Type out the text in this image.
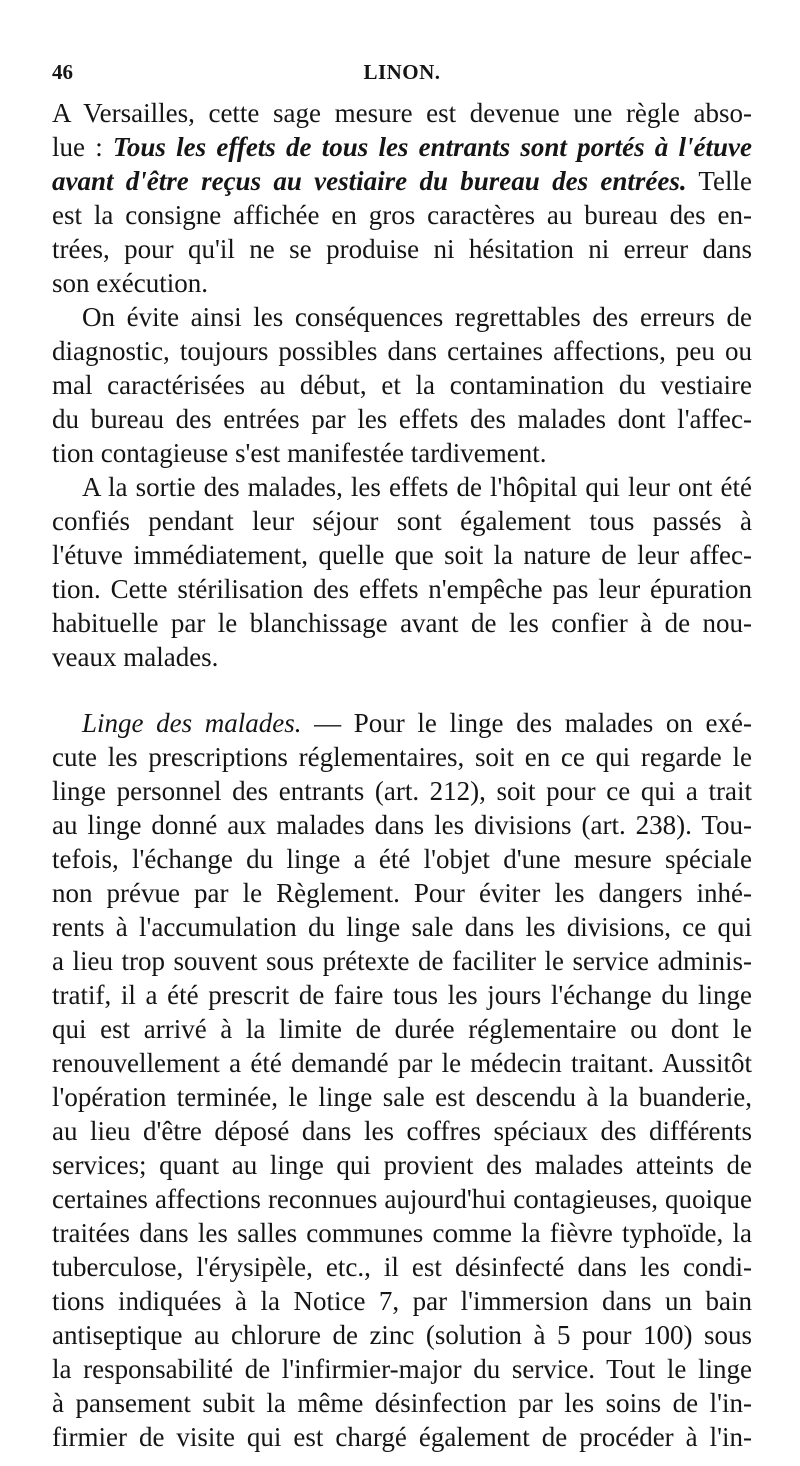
46	LINON.
A Versailles, cette sage mesure est devenue une règle abso-
lue : Tous les effets de tous les entrants sont portés à l'étuve
avant d'être reçus au vestiaire du bureau des entrées. Telle
est la consigne affichée en gros caractères au bureau des en-
trées, pour qu'il ne se produise ni hésitation ni erreur dans
son exécution.
On évite ainsi les conséquences regrettables des erreurs de
diagnostic, toujours possibles dans certaines affections, peu ou
mal caractérisées au début, et la contamination du vestiaire
du bureau des entrées par les effets des malades dont l'affec-
tion contagieuse s'est manifestée tardivement.
A la sortie des malades, les effets de l'hôpital qui leur ont été
confiés pendant leur séjour sont également tous passés à
l'étuve immédiatement, quelle que soit la nature de leur affec-
tion. Cette stérilisation des effets n'empêche pas leur épuration
habituelle par le blanchissage avant de les confier à de nou-
veaux malades.
Linge des malades. — Pour le linge des malades on exé-
cute les prescriptions réglementaires, soit en ce qui regarde le
linge personnel des entrants (art. 212), soit pour ce qui a trait
au linge donné aux malades dans les divisions (art. 238). Tou-
tefois, l'échange du linge a été l'objet d'une mesure spéciale
non prévue par le Règlement. Pour éviter les dangers inhé-
rents à l'accumulation du linge sale dans les divisions, ce qui
a lieu trop souvent sous prétexte de faciliter le service adminis-
tratif, il a été prescrit de faire tous les jours l'échange du linge
qui est arrivé à la limite de durée réglementaire ou dont le
renouvellement a été demandé par le médecin traitant. Aussitôt
l'opération terminée, le linge sale est descendu à la buanderie,
au lieu d'être déposé dans les coffres spéciaux des différents
services; quant au linge qui provient des malades atteints de
certaines affections reconnues aujourd'hui contagieuses, quoique
traitées dans les salles communes comme la fièvre typhoïde, la
tuberculose, l'érysipèle, etc., il est désinfecté dans les condi-
tions indiquées à la Notice 7, par l'immersion dans un bain
antiseptique au chlorure de zinc (solution à 5 pour 100) sous
la responsabilité de l'infirmier-major du service. Tout le linge
à pansement subit la même désinfection par les soins de l'in-
firmier de visite qui est chargé également de procéder à l'in-
